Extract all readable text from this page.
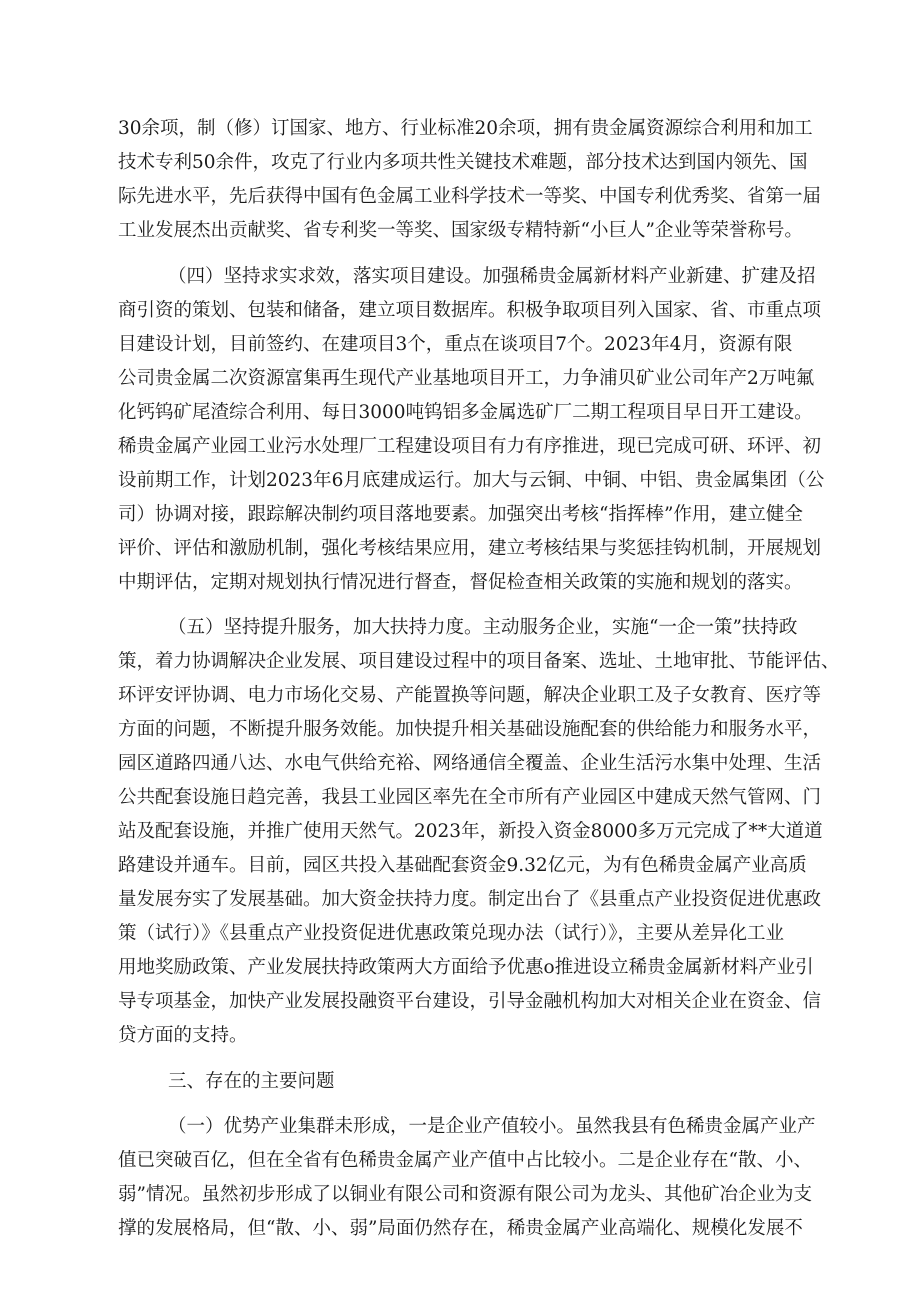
30余项，制（修）订国家、地方、行业标准20余项，拥有贵金属资源综合利用和加工
技术专利50余件，攻克了行业内多项共性关键技术难题，部分技术达到国内领先、国
际先进水平，先后获得中国有色金属工业科学技术一等奖、中国专利优秀奖、省第一届
工业发展杰出贡献奖、省专利奖一等奖、国家级专精特新“小巨人”企业等荣誉称号。
（四）坚持求实求效，落实项目建设。加强稀贵金属新材料产业新建、扩建及招
商引资的策划、包装和储备，建立项目数据库。积极争取项目列入国家、省、市重点项
目建设计划，目前签约、在建项目3个，重点在谈项目7个。2023年4月，资源有限
公司贵金属二次资源富集再生现代产业基地项目开工，力争浦贝矿业公司年产2万吨氟
化钙钨矿尾渣综合利用、每日3000吨钨铝多金属选矿厂二期工程项目早日开工建设。
稀贵金属产业园工业污水处理厂工程建设项目有力有序推进，现已完成可研、环评、初
设前期工作，计划2023年6月底建成运行。加大与云铜、中铜、中铝、贵金属集团（公
司）协调对接，跟踪解决制约项目落地要素。加强突出考核“指挥棒”作用，建立健全
评价、评估和激励机制，强化考核结果应用，建立考核结果与奖惩挂钩机制，开展规划
中期评估，定期对规划执行情况进行督查，督促检查相关政策的实施和规划的落实。
（五）坚持提升服务，加大扶持力度。主动服务企业，实施“一企一策”扶持政
策，着力协调解决企业发展、项目建设过程中的项目备案、选址、土地审批、节能评估、
环评安评协调、电力市场化交易、产能置换等问题，解决企业职工及子女教育、医疗等
方面的问题，不断提升服务效能。加快提升相关基础设施配套的供给能力和服务水平，
园区道路四通八达、水电气供给充裕、网络通信全覆盖、企业生活污水集中处理、生活
公共配套设施日趋完善，我县工业园区率先在全市所有产业园区中建成天然气管网、门
站及配套设施，并推广使用天然气。2023年，新投入资金8000多万元完成了**大道道
路建设并通车。目前，园区共投入基础配套资金9.32亿元，为有色稀贵金属产业高质
量发展夯实了发展基础。加大资金扶持力度。制定出台了《县重点产业投资促进优惠政
策（试行）》《县重点产业投资促进优惠政策兑现办法（试行）》，主要从差异化工业
用地奖励政策、产业发展扶持政策两大方面给予优惠o推进设立稀贵金属新材料产业引
导专项基金，加快产业发展投融资平台建设，引导金融机构加大对相关企业在资金、信
贷方面的支持。
三、存在的主要问题
（一）优势产业集群未形成，一是企业产值较小。虽然我县有色稀贵金属产业产
值已突破百亿，但在全省有色稀贵金属产业产值中占比较小。二是企业存在“散、小、
弱”情况。虽然初步形成了以铜业有限公司和资源有限公司为龙头、其他矿冶企业为支
撑的发展格局，但“散、小、弱”局面仍然存在，稀贵金属产业高端化、规模化发展不
